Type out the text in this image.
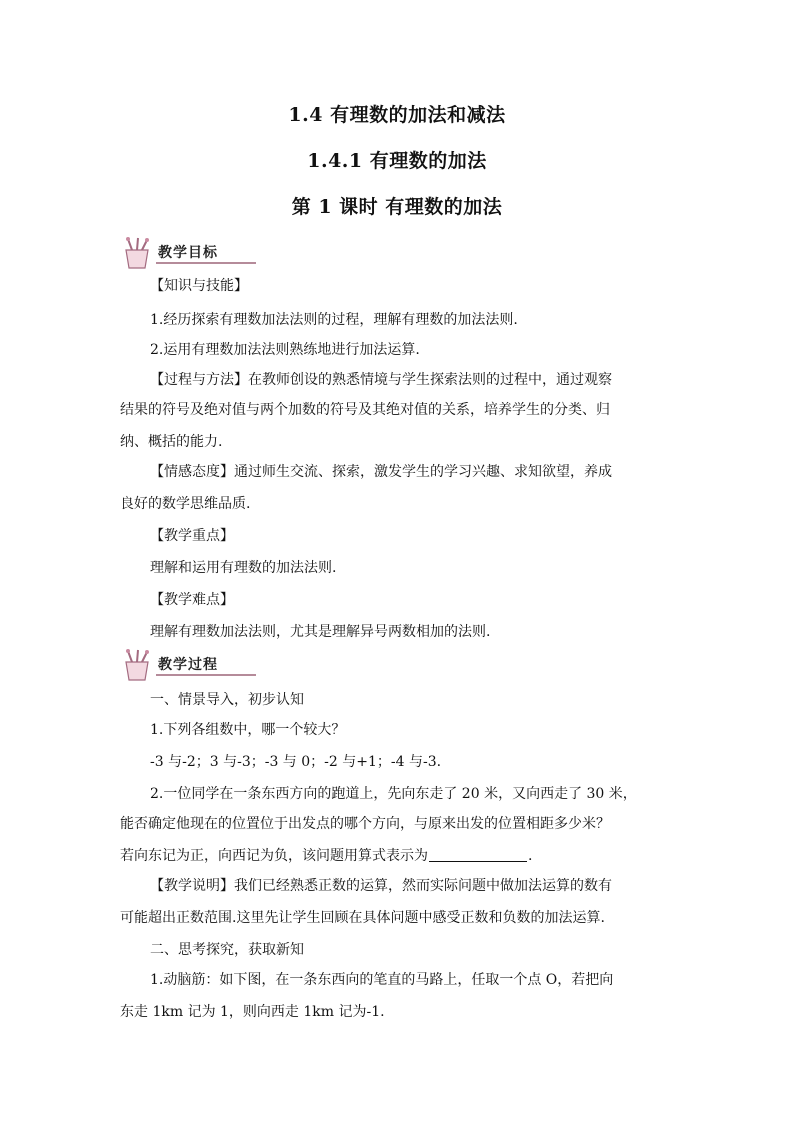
1.4 有理数的加法和减法
1.4.1 有理数的加法
第 1 课时 有理数的加法
教学目标
【知识与技能】
1.经历探索有理数加法法则的过程，理解有理数的加法法则.
2.运用有理数加法法则熟练地进行加法运算.
【过程与方法】在教师创设的熟悉情境与学生探索法则的过程中，通过观察
结果的符号及绝对值与两个加数的符号及其绝对值的关系，培养学生的分类、归
纳、概括的能力.
【情感态度】通过师生交流、探索，激发学生的学习兴趣、求知欲望，养成
良好的数学思维品质.
【教学重点】
理解和运用有理数的加法法则.
【教学难点】
理解有理数加法法则，尤其是理解异号两数相加的法则.
教学过程
一、情景导入，初步认知
1.下列各组数中，哪一个较大？
-3 与-2；3 与-3；-3 与 0；-2 与+1；-4 与-3.
2.一位同学在一条东西方向的跑道上，先向东走了 20 米，又向西走了 30 米，
能否确定他现在的位置位于出发点的哪个方向，与原来出发的位置相距多少米？
若向东记为正，向西记为负，该问题用算式表示为	.
【教学说明】我们已经熟悉正数的运算，然而实际问题中做加法运算的数有
可能超出正数范围.这里先让学生回顾在具体问题中感受正数和负数的加法运算.
二、思考探究，获取新知
1.动脑筋：如下图，在一条东西向的笔直的马路上，任取一个点 O，若把向
东走 1km 记为 1，则向西走 1km 记为-1.
